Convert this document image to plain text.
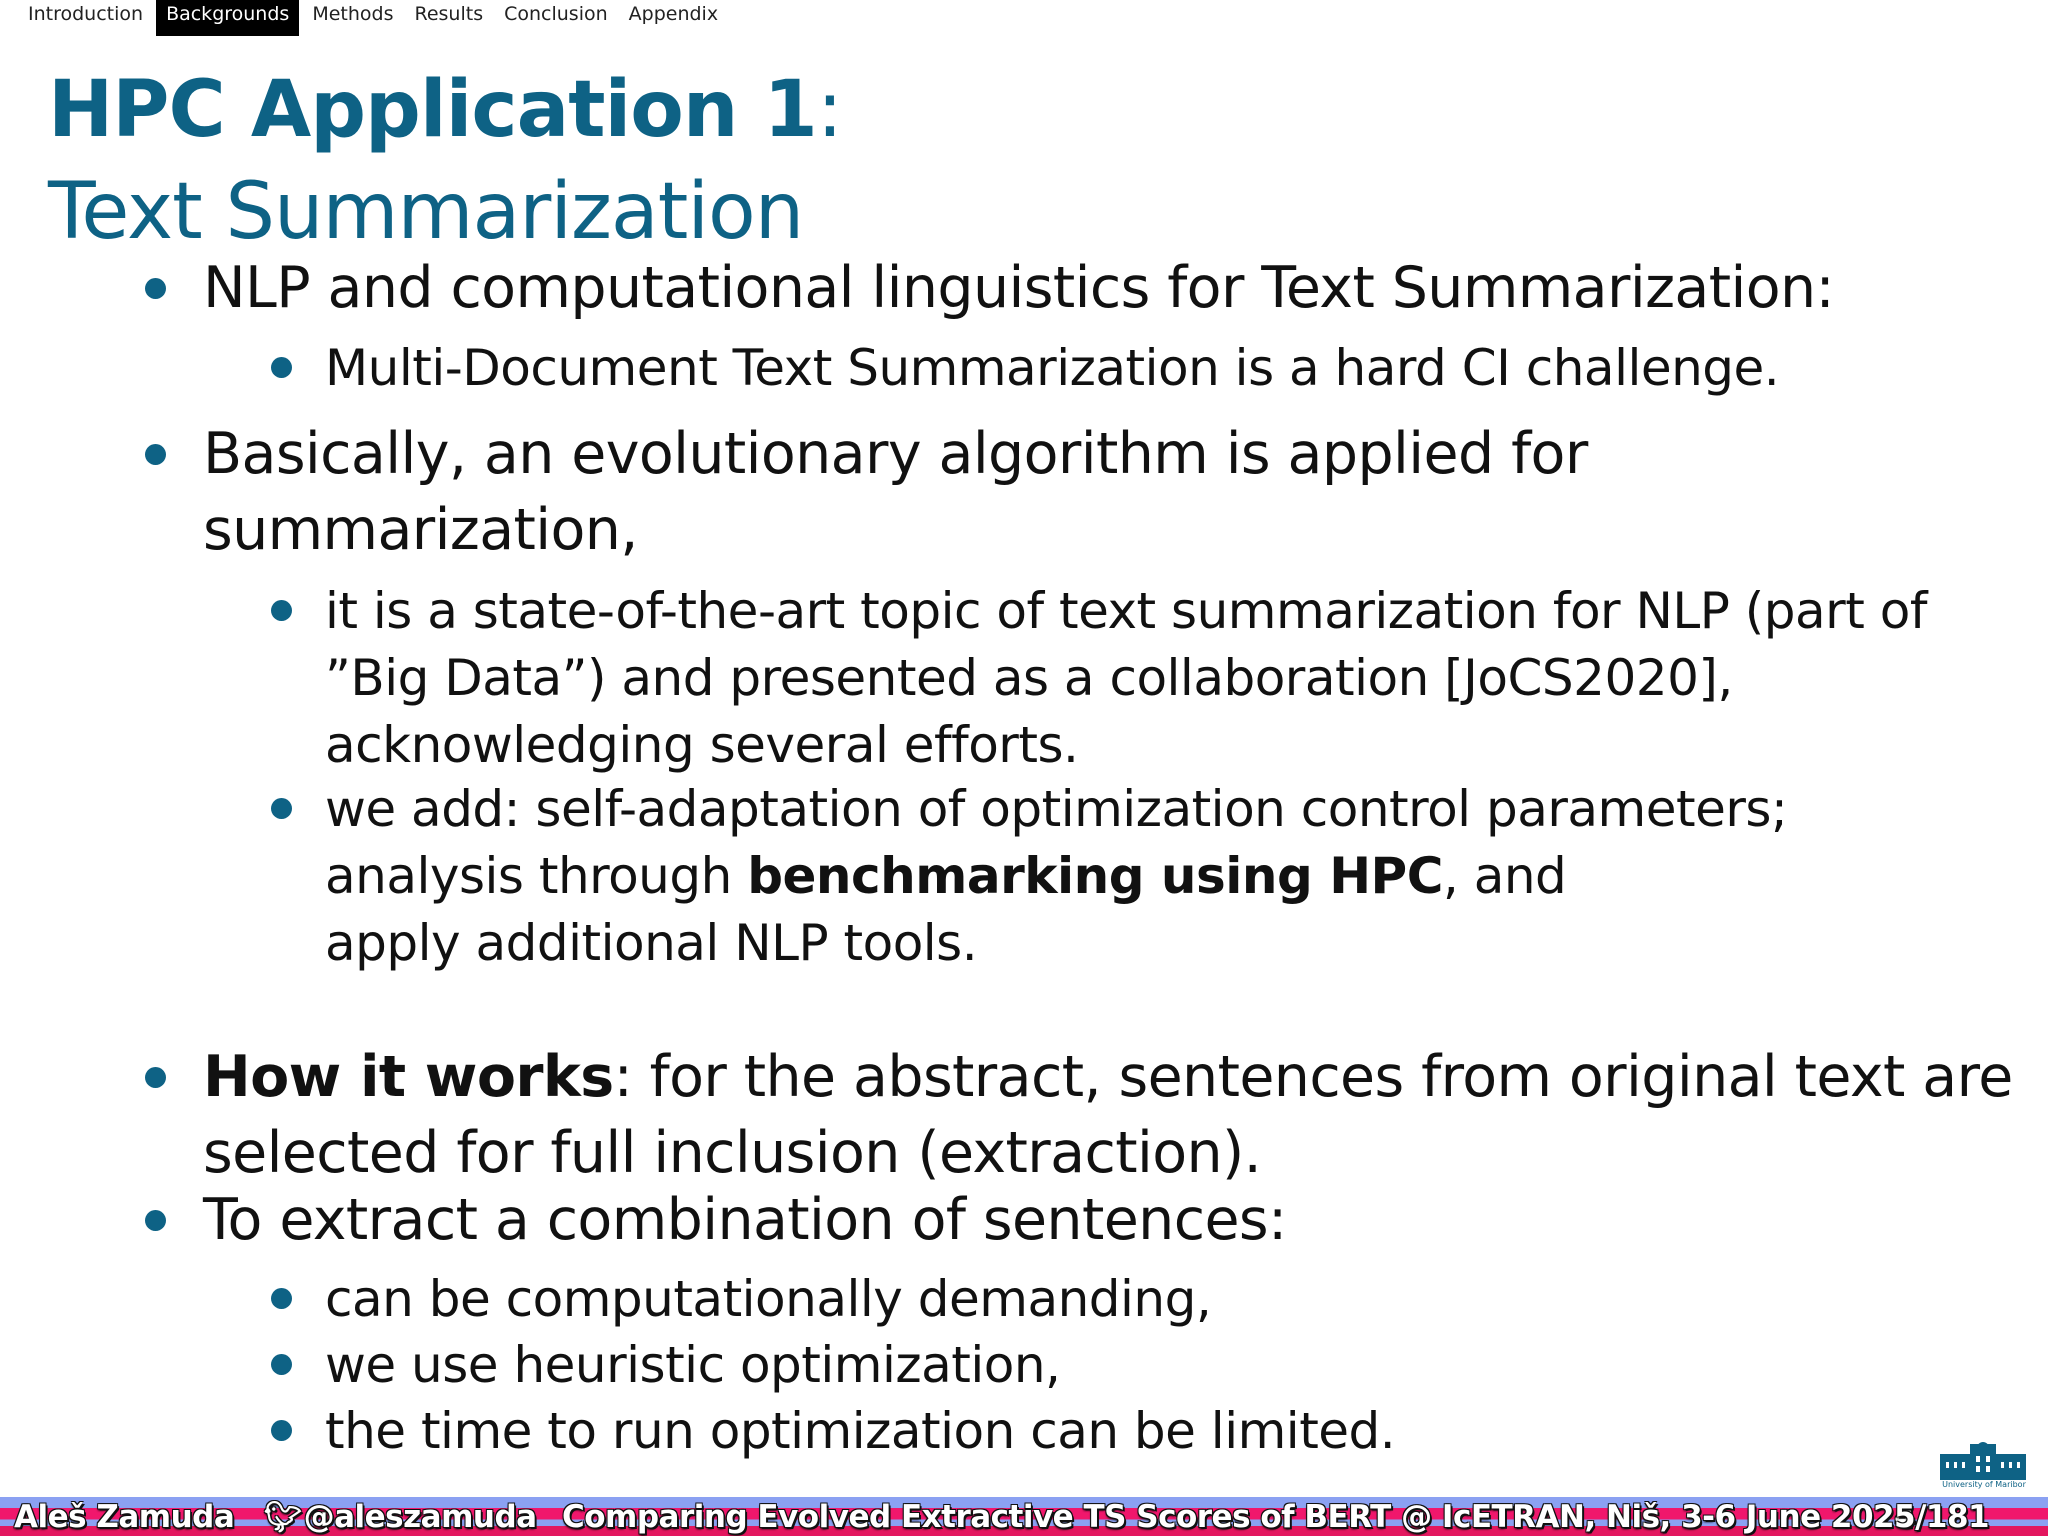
Introduction	Backgrounds	Methods	Results	Conclusion	Appendix
HPC Application 1:
Text Summarization
NLP and computational linguistics for Text Summarization:
Multi-Document Text Summarization is a hard CI challenge.
Basically, an evolutionary algorithm is applied for
summarization,
it is a state-of-the-art topic of text summarization for NLP (part of
”Big Data”) and presented as a collaboration [JoCS2020],
acknowledging several efforts.
we add: self-adaptation of optimization control parameters;
analysis through benchmarking using HPC, and
apply additional NLP tools.
How it works: for the abstract, sentences from original text are
selected for full inclusion (extraction).
To extract a combination of sentences:
can be computationally demanding,
we use heuristic optimization,
the time to run optimization can be limited.
University of Maribor
Aleš Zamuda 🐦︎@aleszamuda Comparing Evolved Extractive TS Scores of BERT @ IcETRAN, Niš, 3-6 June 2024
5/181
